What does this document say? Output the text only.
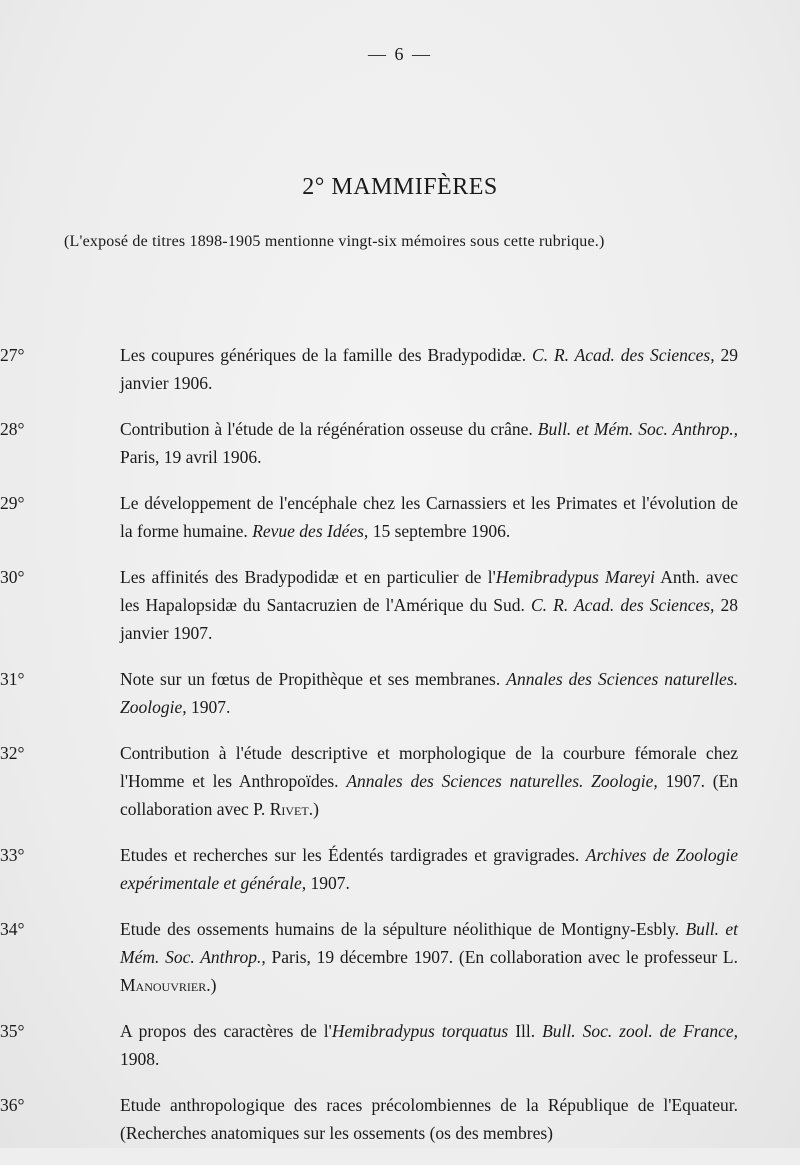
— 6 —
2° MAMMIFÈRES
(L'exposé de titres 1898-1905 mentionne vingt-six mémoires sous cette rubrique.)

27°	Les coupures génériques de la famille des Bradypodidæ. C. R. Acad. des Sciences, 29 janvier 1906.

28°	Contribution à l'étude de la régénération osseuse du crâne. Bull. et Mém. Soc. Anthrop., Paris, 19 avril 1906.

29°	Le développement de l'encéphale chez les Carnassiers et les Primates et l'évolution de la forme humaine. Revue des Idées, 15 septembre 1906.

30°	Les affinités des Bradypodidæ et en particulier de l'Hemibradypus Mareyi Anth. avec les Hapalopsidæ du Santacruzien de l'Amérique du Sud. C. R. Acad. des Sciences, 28 janvier 1907.

31°	Note sur un fœtus de Propithèque et ses membranes. Annales des Sciences naturelles. Zoologie, 1907.

32°	Contribution à l'étude descriptive et morphologique de la courbure fémorale chez l'Homme et les Anthropoïdes. Annales des Sciences naturelles. Zoologie, 1907. (En collaboration avec P. Rivet.)

33°	Etudes et recherches sur les Édentés tardigrades et gravigrades. Archives de Zoologie expérimentale et générale, 1907.

34°	Etude des ossements humains de la sépulture néolithique de Montigny-Esbly. Bull. et Mém. Soc. Anthrop., Paris, 19 décembre 1907. (En collaboration avec le professeur L. Manouvrier.)

35°	A propos des caractères de l'Hemibradypus torquatus Ill. Bull. Soc. zool. de France, 1908.

36°	Etude anthropologique des races précolombiennes de la République de l'Equateur. (Recherches anatomiques sur les ossements (os des membres)
